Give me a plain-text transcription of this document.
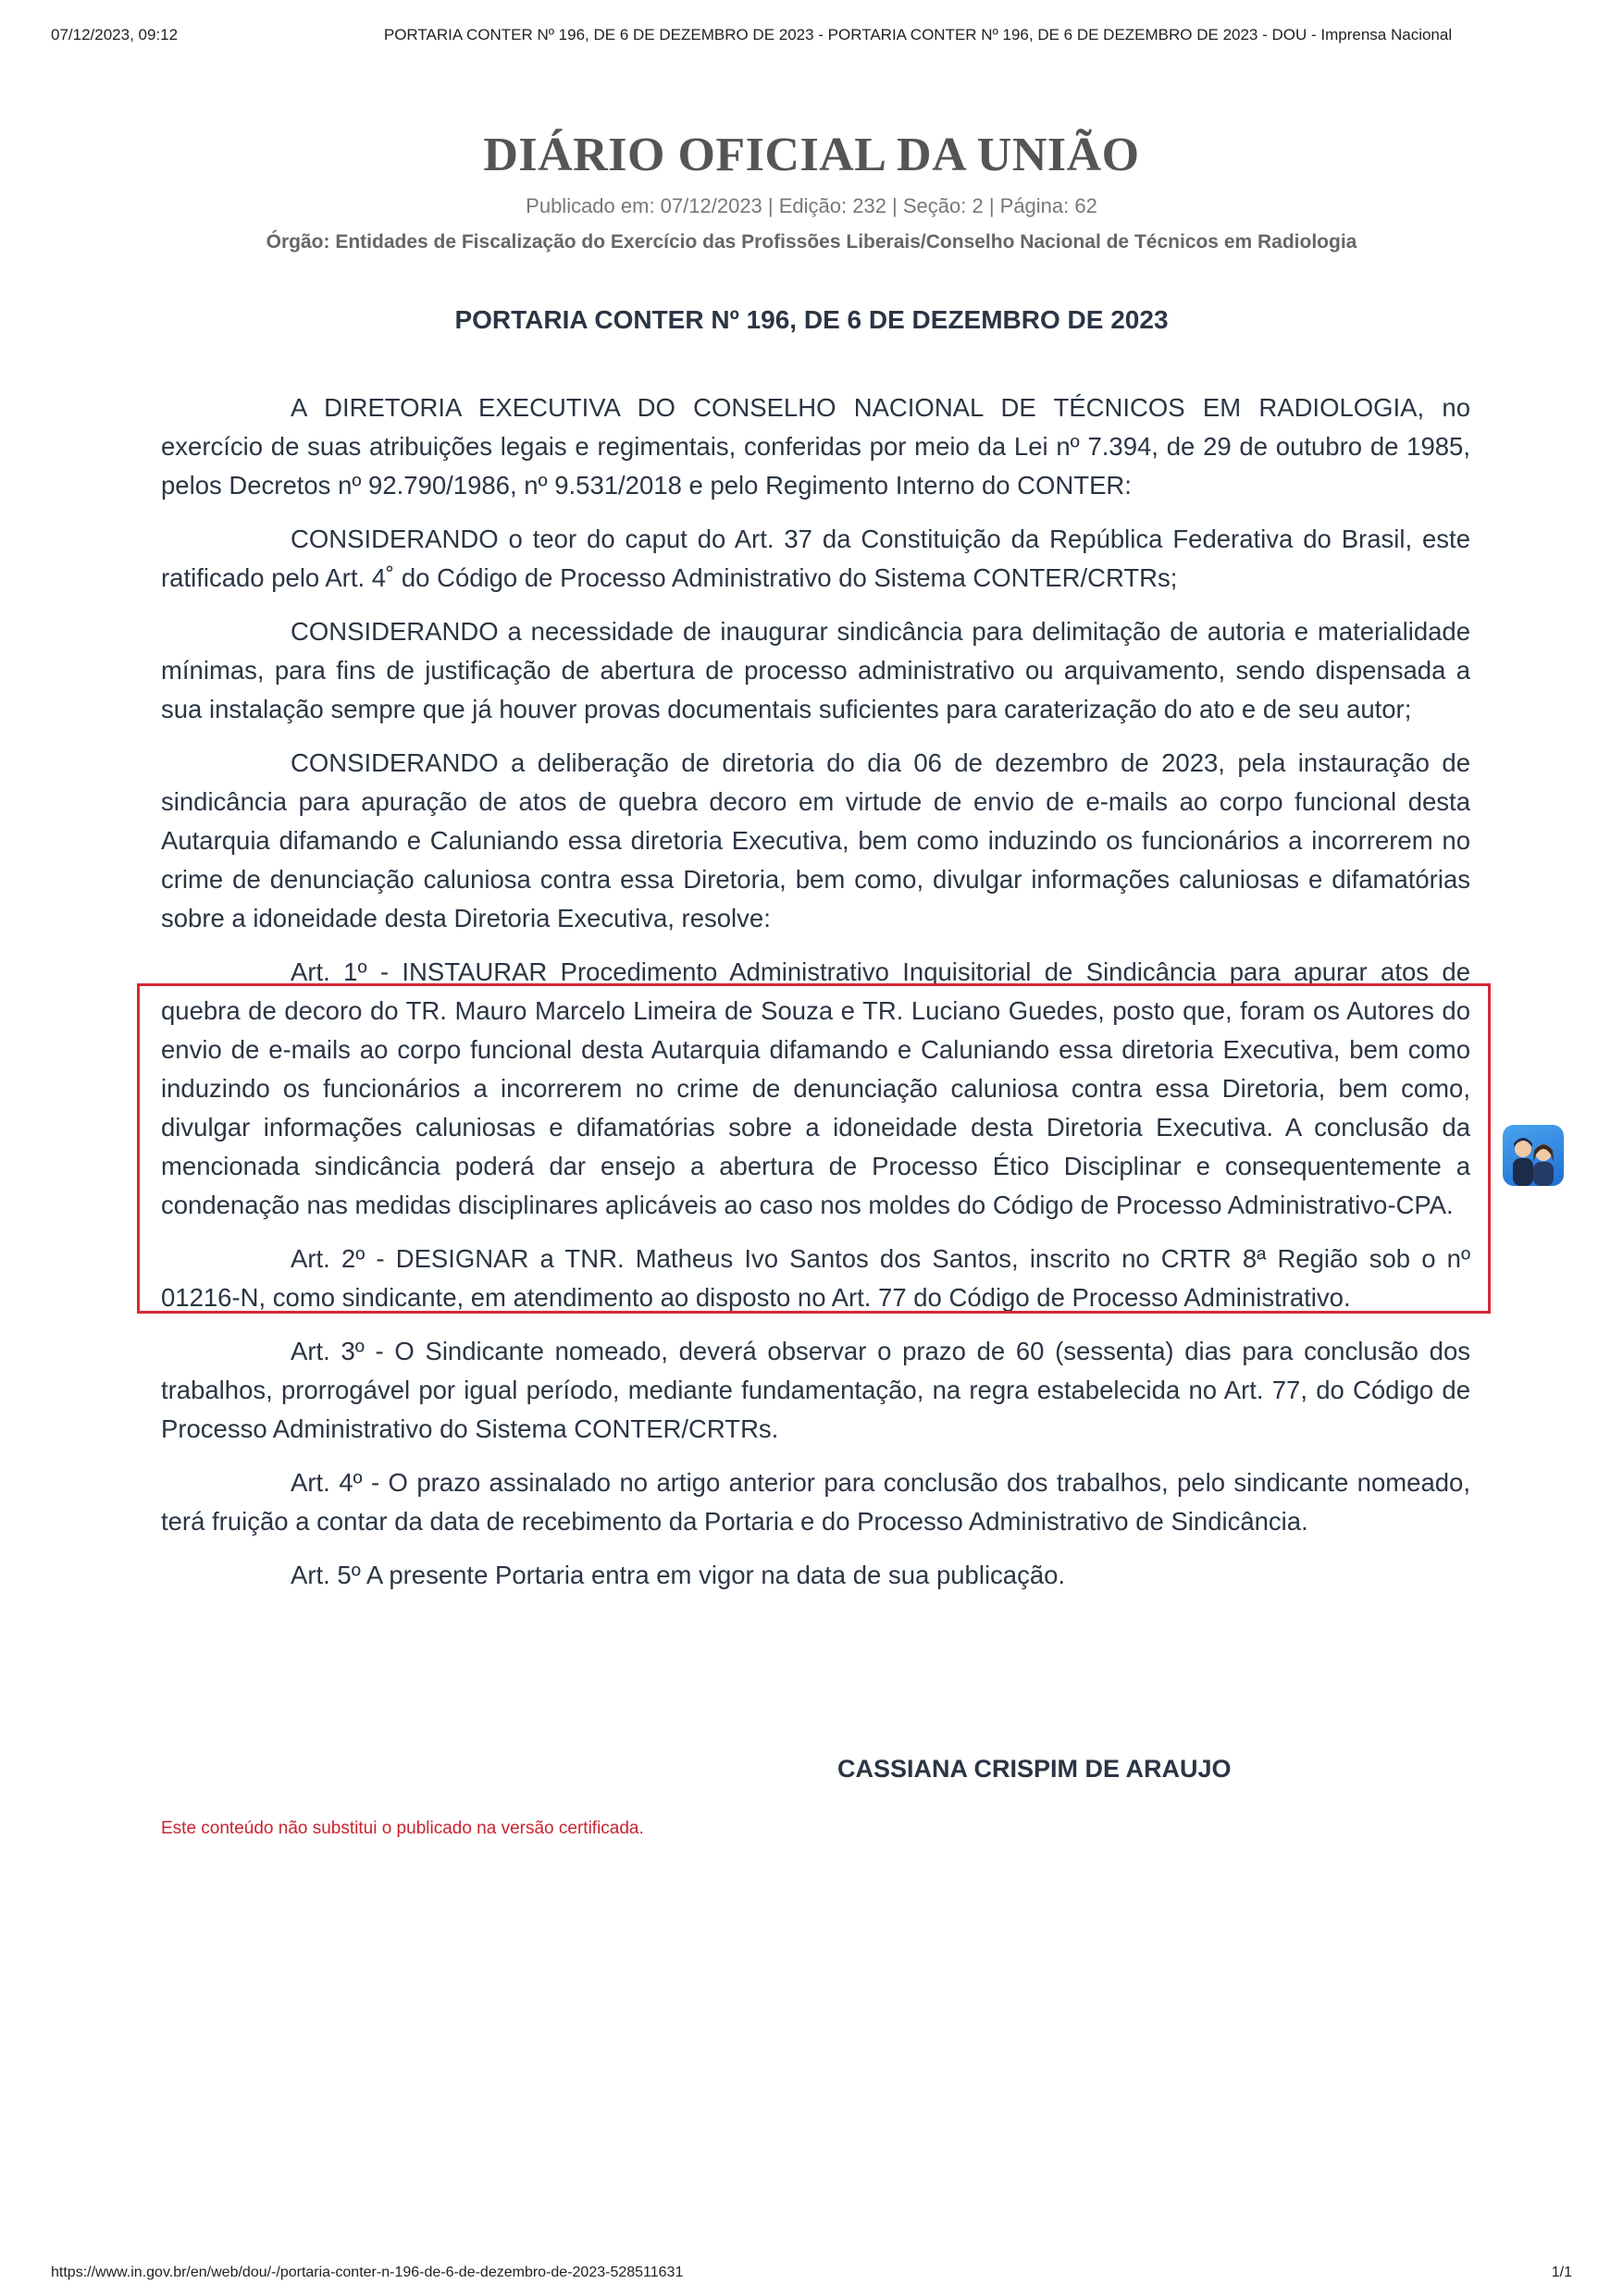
07/12/2023, 09:12	PORTARIA CONTER Nº 196, DE 6 DE DEZEMBRO DE 2023 - PORTARIA CONTER Nº 196, DE 6 DE DEZEMBRO DE 2023 - DOU - Imprensa Nacional
DIÁRIO OFICIAL DA UNIÃO
Publicado em: 07/12/2023 | Edição: 232 | Seção: 2 | Página: 62
Órgão: Entidades de Fiscalização do Exercício das Profissões Liberais/Conselho Nacional de Técnicos em Radiologia
PORTARIA CONTER Nº 196, DE 6 DE DEZEMBRO DE 2023

A DIRETORIA EXECUTIVA DO CONSELHO NACIONAL DE TÉCNICOS EM RADIOLOGIA, no exercício de suas atribuições legais e regimentais, conferidas por meio da Lei nº 7.394, de 29 de outubro de 1985, pelos Decretos nº 92.790/1986, nº 9.531/2018 e pelo Regimento Interno do CONTER:

CONSIDERANDO o teor do caput do Art. 37 da Constituição da República Federativa do Brasil, este ratificado pelo Art. 4˚ do Código de Processo Administrativo do Sistema CONTER/CRTRs;

CONSIDERANDO a necessidade de inaugurar sindicância para delimitação de autoria e materialidade mínimas, para fins de justificação de abertura de processo administrativo ou arquivamento, sendo dispensada a sua instalação sempre que já houver provas documentais suficientes para caraterização do ato e de seu autor;

CONSIDERANDO a deliberação de diretoria do dia 06 de dezembro de 2023, pela instauração de sindicância para apuração de atos de quebra decoro em virtude de envio de e-mails ao corpo funcional desta Autarquia difamando e Caluniando essa diretoria Executiva, bem como induzindo os funcionários a incorrerem no crime de denunciação caluniosa contra essa Diretoria, bem como, divulgar informações caluniosas e difamatórias sobre a idoneidade desta Diretoria Executiva, resolve:

Art. 1º - INSTAURAR Procedimento Administrativo Inquisitorial de Sindicância para apurar atos de quebra de decoro do TR. Mauro Marcelo Limeira de Souza e TR. Luciano Guedes, posto que, foram os Autores do envio de e-mails ao corpo funcional desta Autarquia difamando e Caluniando essa diretoria Executiva, bem como induzindo os funcionários a incorrerem no crime de denunciação caluniosa contra essa Diretoria, bem como, divulgar informações caluniosas e difamatórias sobre a idoneidade desta Diretoria Executiva. A conclusão da mencionada sindicância poderá dar ensejo a abertura de Processo Ético Disciplinar e consequentemente a condenação nas medidas disciplinares aplicáveis ao caso nos moldes do Código de Processo Administrativo-CPA.

Art. 2º - DESIGNAR a TNR. Matheus Ivo Santos dos Santos, inscrito no CRTR 8ª Região sob o nº 01216-N, como sindicante, em atendimento ao disposto no Art. 77 do Código de Processo Administrativo.

Art. 3º - O Sindicante nomeado, deverá observar o prazo de 60 (sessenta) dias para conclusão dos trabalhos, prorrogável por igual período, mediante fundamentação, na regra estabelecida no Art. 77, do Código de Processo Administrativo do Sistema CONTER/CRTRs.

Art. 4º - O prazo assinalado no artigo anterior para conclusão dos trabalhos, pelo sindicante nomeado, terá fruição a contar da data de recebimento da Portaria e do Processo Administrativo de Sindicância.

Art. 5º A presente Portaria entra em vigor na data de sua publicação.

CASSIANA CRISPIM DE ARAUJO
Este conteúdo não substitui o publicado na versão certificada.
https://www.in.gov.br/en/web/dou/-/portaria-conter-n-196-de-6-de-dezembro-de-2023-528511631	1/1
